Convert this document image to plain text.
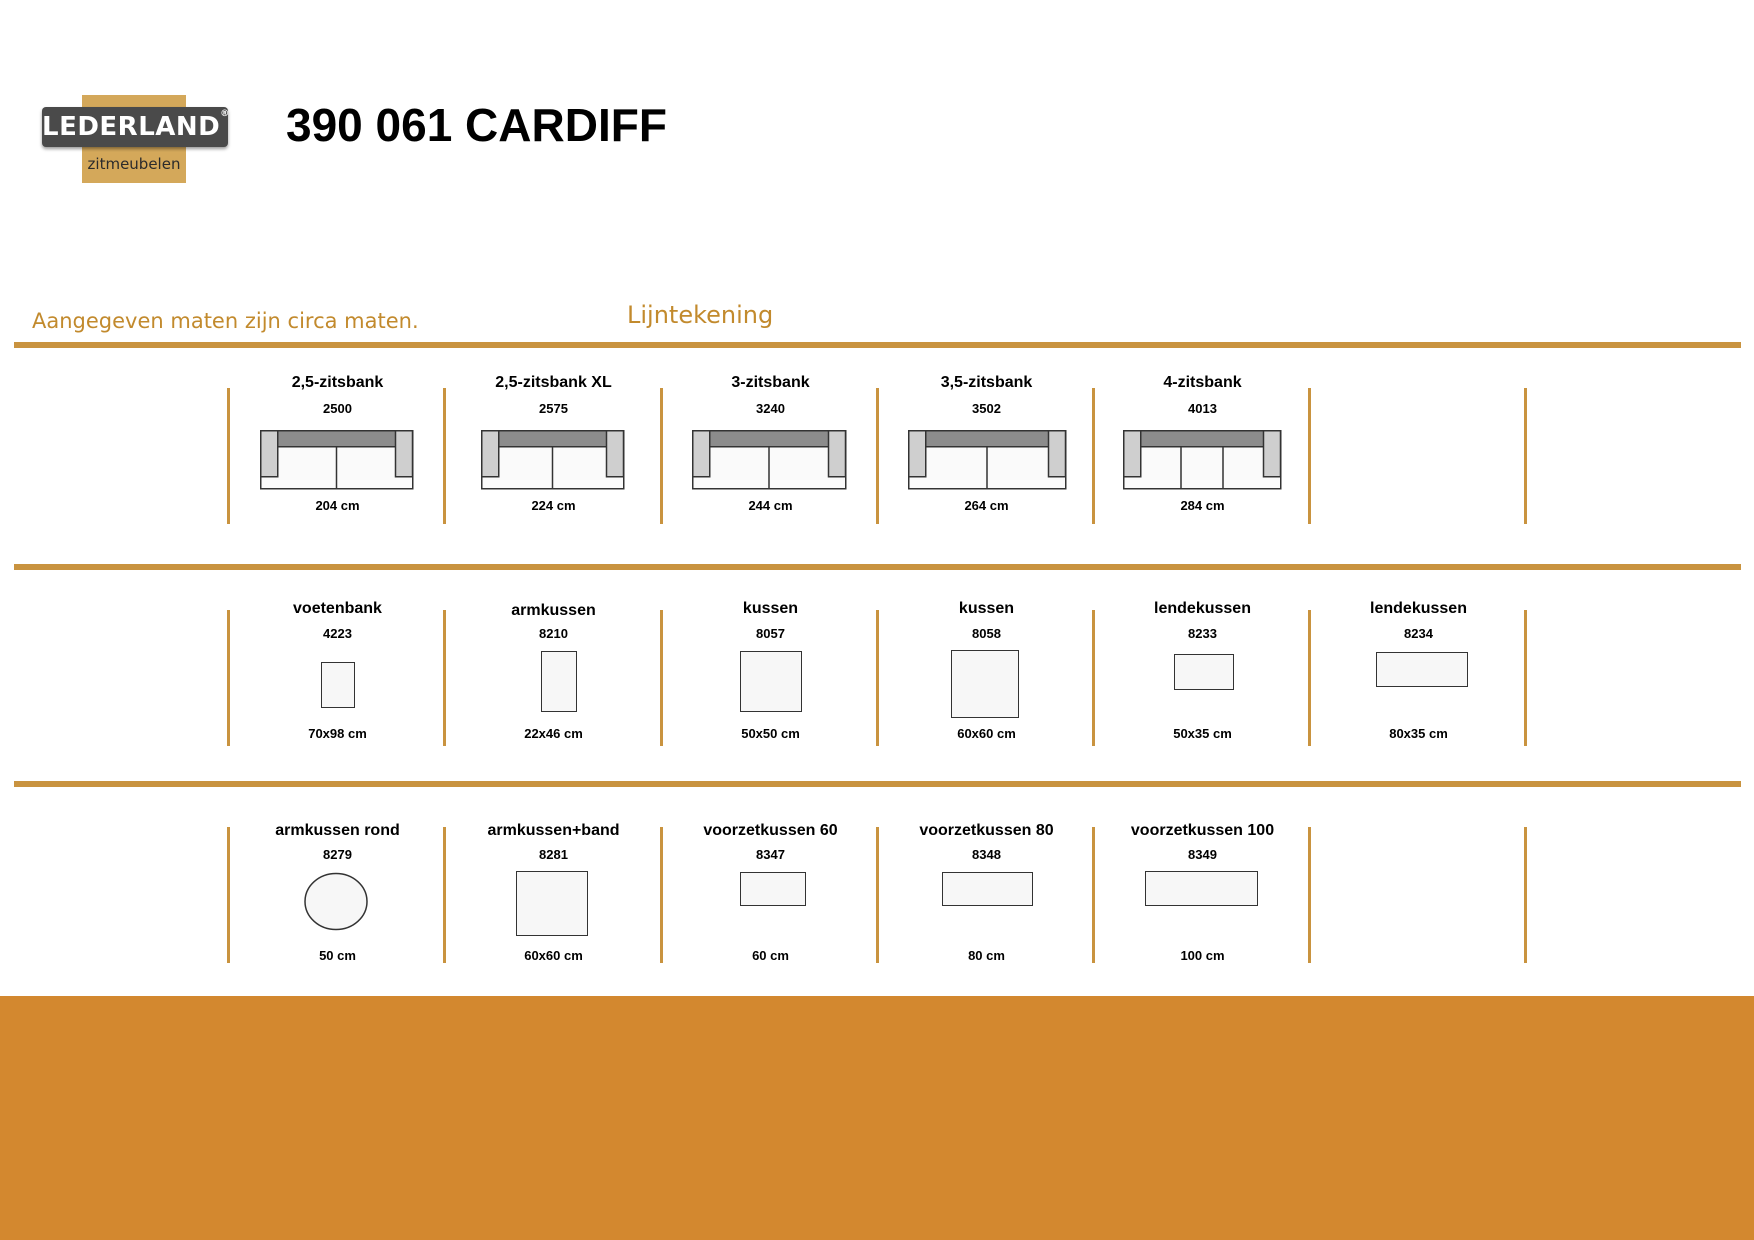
LEDERLAND®
zitmeubelen
390 061 CARDIFF
Aangegeven maten zijn circa maten.	Lijntekening
2,5-zitsbank
2500
204 cm
2,5-zitsbank XL
2575
224 cm
3-zitsbank
3240
244 cm
3,5-zitsbank
3502
264 cm
4-zitsbank
4013
284 cm
voetenbank
4223
70x98 cm
armkussen
8210
22x46 cm
kussen
8057
50x50 cm
kussen
8058
60x60 cm
lendekussen
8233
50x35 cm
lendekussen
8234
80x35 cm
armkussen rond
8279
50 cm
armkussen+band
8281
60x60 cm
voorzetkussen 60
8347
60 cm
voorzetkussen 80
8348
80 cm
voorzetkussen 100
8349
100 cm
